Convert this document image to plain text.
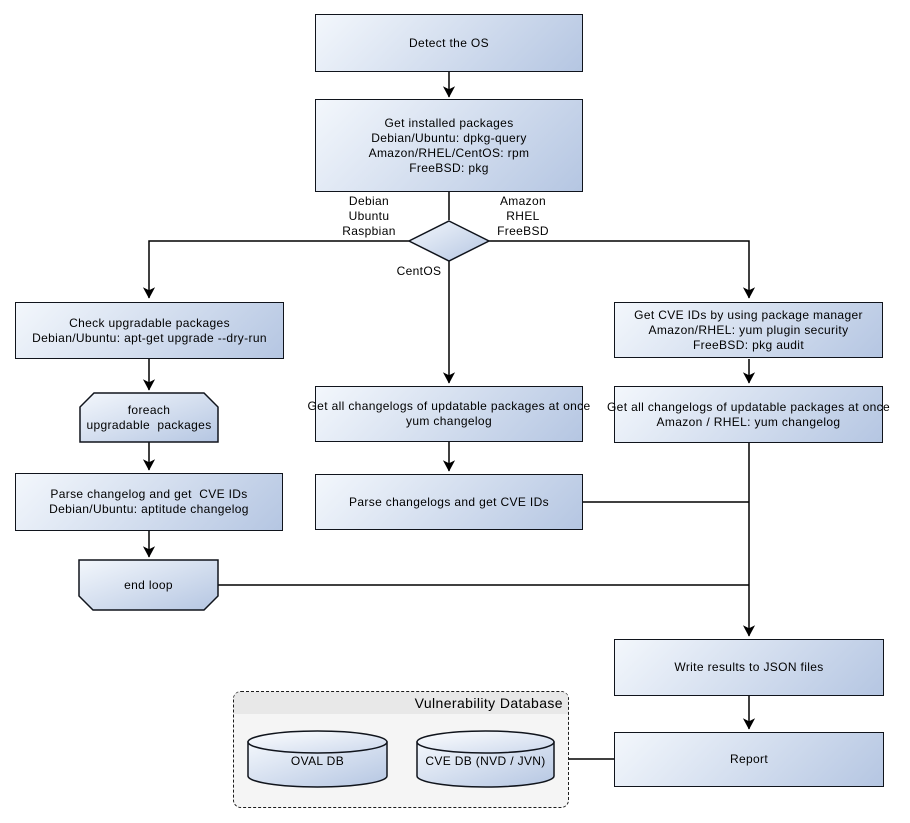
Vulnerability Database
Detect the OS
Get installed packages
Debian/Ubuntu: dpkg-query
Amazon/RHEL/CentOS: rpm
FreeBSD: pkg
Check upgradable packages
Debian/Ubuntu: apt-get upgrade --dry-run
Parse changelog and get  CVE IDs
Debian/Ubuntu: aptitude changelog
Get all changelogs of updatable packages at once
yum changelog
Parse changelogs and get CVE IDs
Get CVE IDs by using package manager
Amazon/RHEL: yum plugin security
FreeBSD: pkg audit
Get all changelogs of updatable packages at once
Amazon / RHEL: yum changelog
Write results to JSON files
Report
foreach
upgradable  packages
end loop
OVAL DB	CVE DB (NVD / JVN)
Debian
Ubuntu
Raspbian
Amazon
RHEL
FreeBSD
CentOS
